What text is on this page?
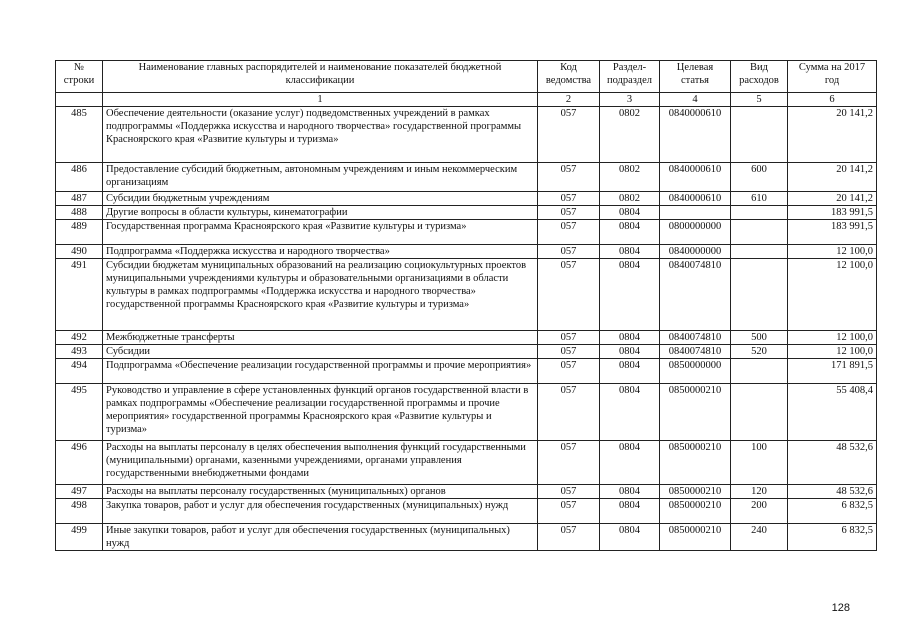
№ строки	Наименование главных распорядителей и наименование показателей бюджетной классификации	Код ведомства	Раздел- подраздел	Целевая статья	Вид расходов	Сумма на 2017 год
	1	2	3	4	5	6
485	Обеспечение деятельности (оказание услуг) подведомственных учреждений в рамках подпрограммы «Поддержка искусства и народного творчества» государственной программы Красноярского края «Развитие культуры и туризма»	057	0802	0840000610		20 141,2
486	Предоставление субсидий бюджетным, автономным учреждениям и иным некоммерческим организациям	057	0802	0840000610	600	20 141,2
487	Субсидии бюджетным учреждениям	057	0802	0840000610	610	20 141,2
488	Другие вопросы в области культуры, кинематографии	057	0804			183 991,5
489	Государственная программа Красноярского края «Развитие культуры и туризма»	057	0804	0800000000		183 991,5
490	Подпрограмма «Поддержка искусства и народного творчества»	057	0804	0840000000		12 100,0
491	Субсидии бюджетам муниципальных образований на реализацию социокультурных проектов муниципальными учреждениями культуры и образовательными организациями в области культуры в рамках подпрограммы «Поддержка искусства и народного творчества» государственной программы Красноярского края «Развитие культуры и туризма»	057	0804	0840074810		12 100,0
492	Межбюджетные трансферты	057	0804	0840074810	500	12 100,0
493	Субсидии	057	0804	0840074810	520	12 100,0
494	Подпрограмма «Обеспечение реализации государственной программы и прочие мероприятия»	057	0804	0850000000		171 891,5
495	Руководство и управление в сфере установленных функций органов государственной власти в рамках подпрограммы «Обеспечение реализации государственной программы и прочие мероприятия» государственной программы Красноярского края «Развитие культуры и туризма»	057	0804	0850000210		55 408,4
496	Расходы на выплаты персоналу в целях обеспечения выполнения функций государственными (муниципальными) органами, казенными учреждениями, органами управления государственными внебюджетными фондами	057	0804	0850000210	100	48 532,6
497	Расходы на выплаты персоналу государственных (муниципальных) органов	057	0804	0850000210	120	48 532,6
498	Закупка товаров, работ и услуг для обеспечения государственных (муниципальных) нужд	057	0804	0850000210	200	6 832,5
499	Иные закупки товаров, работ и услуг для обеспечения государственных (муниципальных) нужд	057	0804	0850000210	240	6 832,5
128
